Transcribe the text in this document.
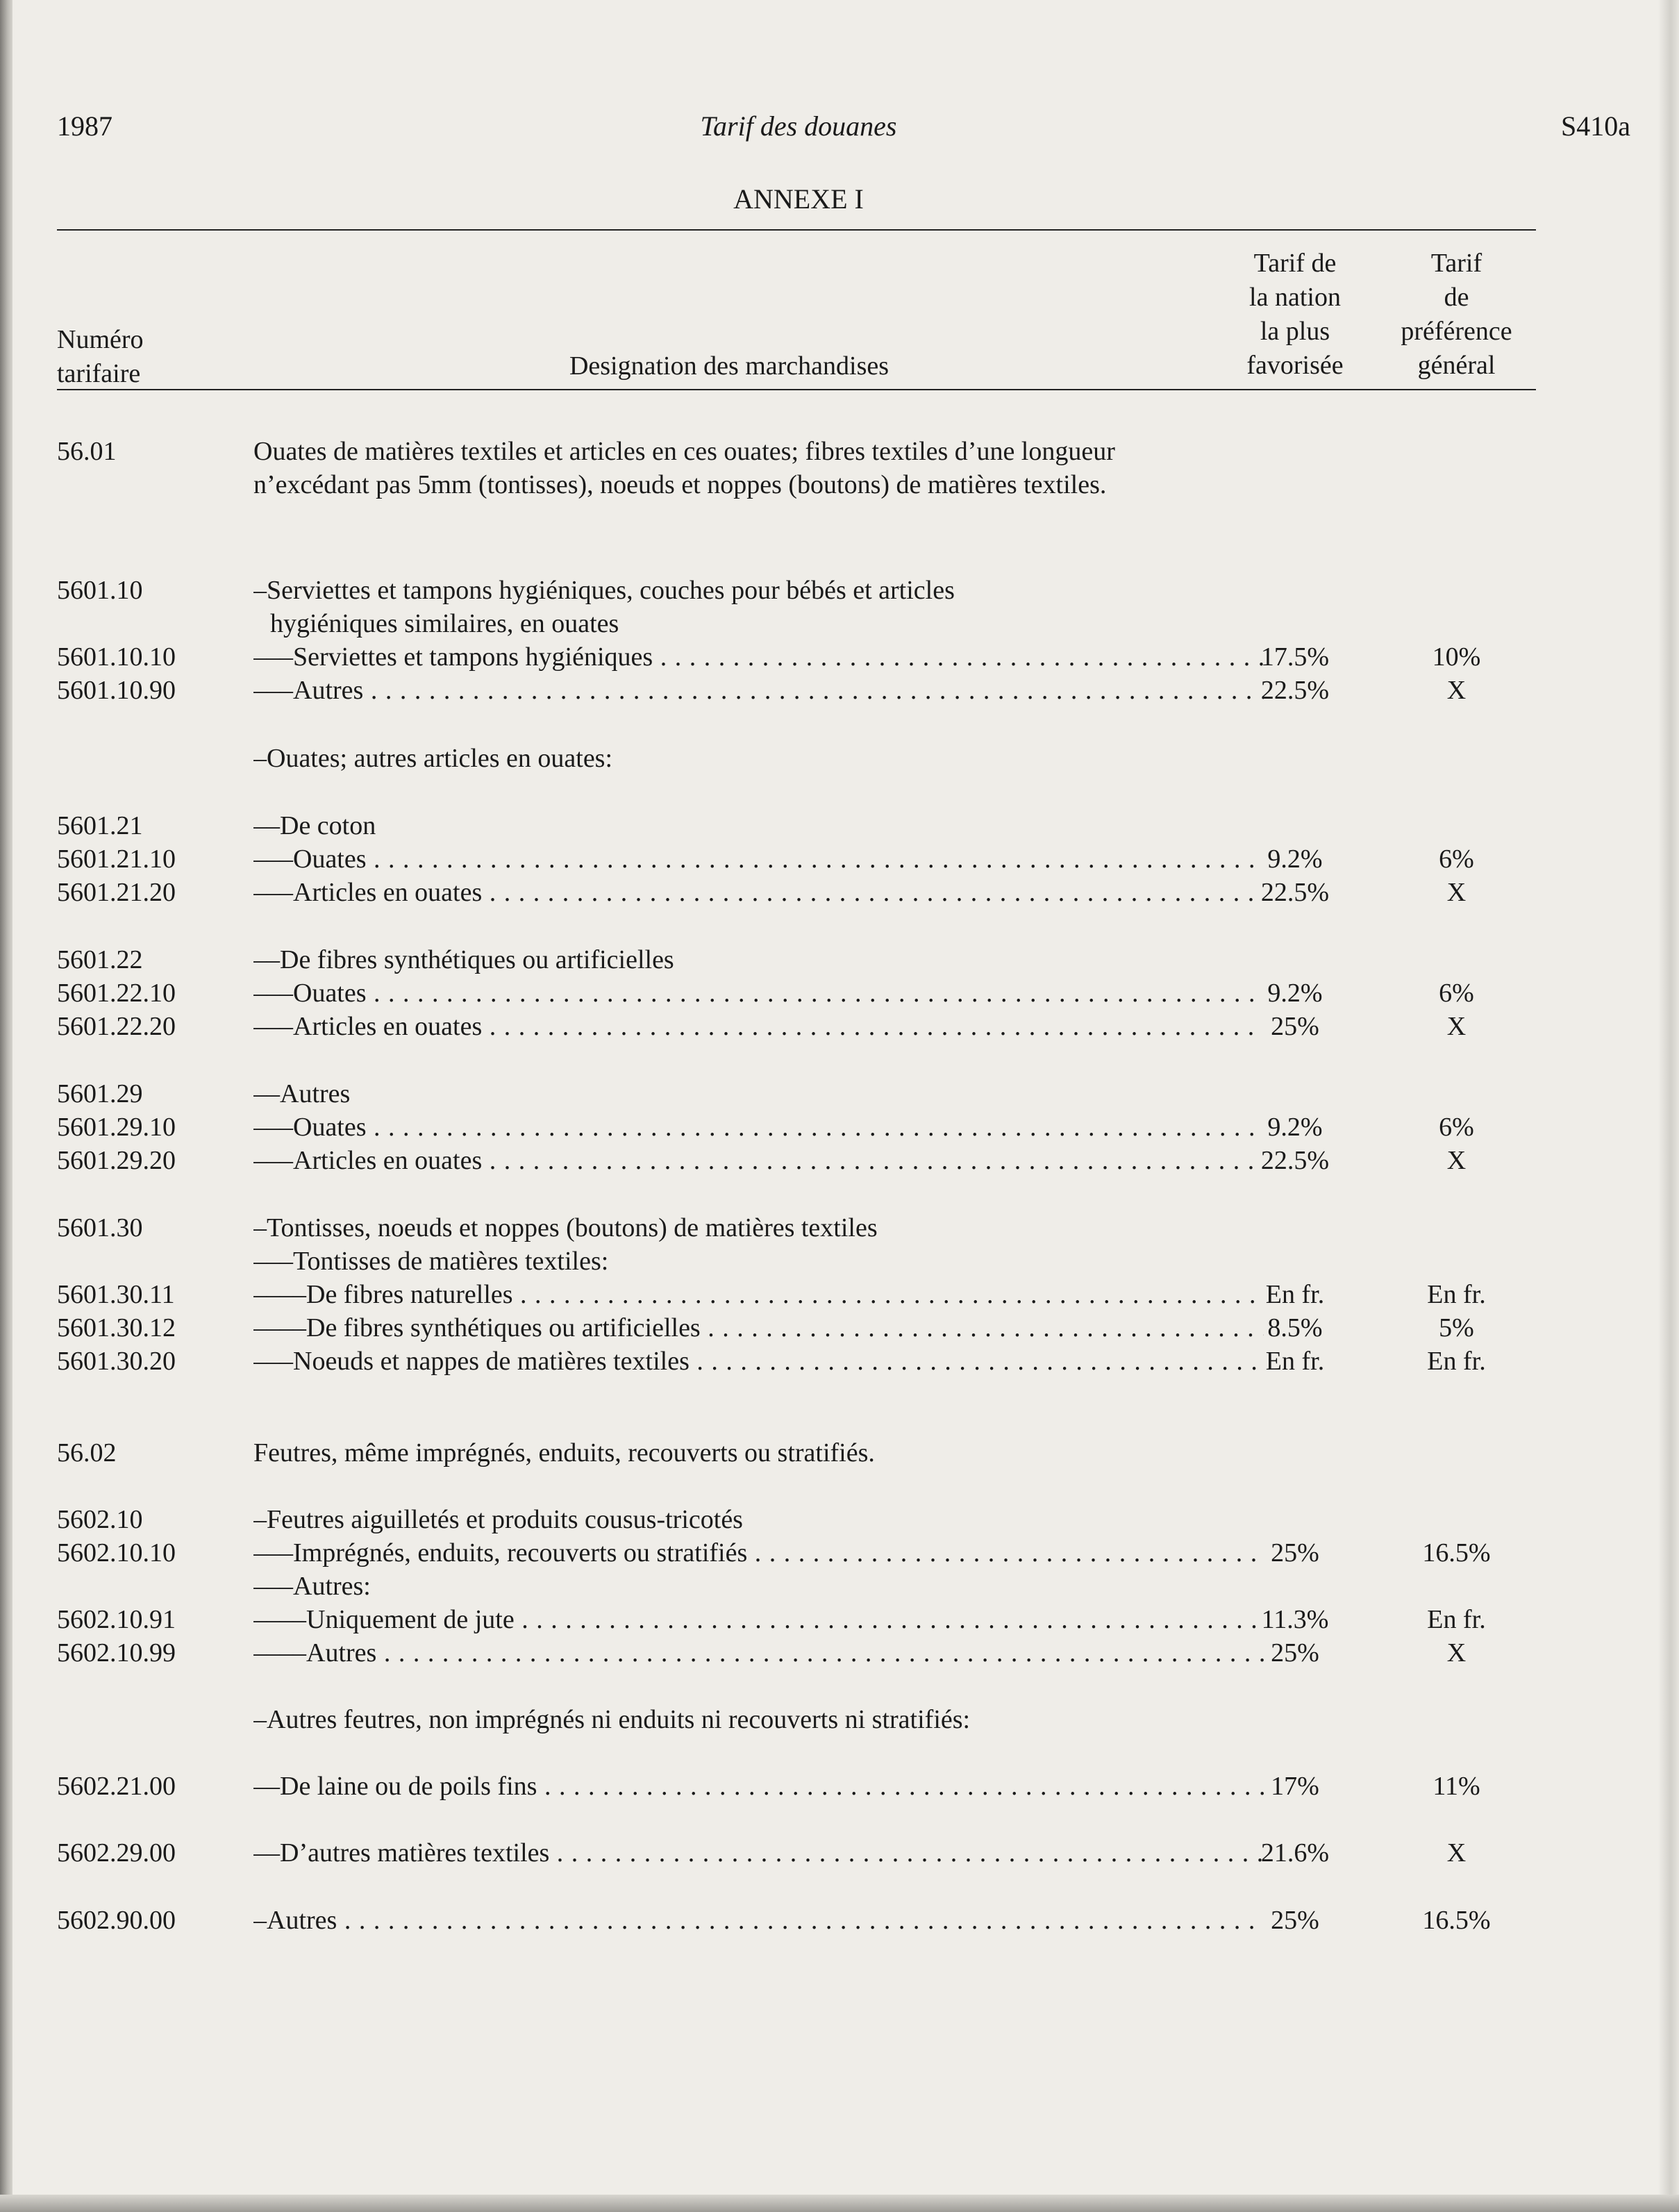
1987	Tarif des douanes	S410a
ANNEXE I
Numéro
tarifaire	Designation des marchandises
Tarif de
la nation
la plus
favorisée
Tarif
de
préférence
général
56.01	Ouates de matières textiles et articles en ces ouates; fibres textiles d’une longueur n’excédant pas 5mm (tontisses), noeuds et noppes (boutons) de matières textiles.
5601.10	–Serviettes et tampons hygiéniques, couches pour bébés et articles
hygiéniques similaires, en ouates
5601.10.10	–––Serviettes et tampons hygiéniques . . .	17.5%	10%
5601.10.90	–––Autres . . .	22.5%	X
–Ouates; autres articles en ouates:
5601.21	––De coton
5601.21.10	–––Ouates . . .	9.2%	6%
5601.21.20	–––Articles en ouates . . .	22.5%	X
5601.22	––De fibres synthétiques ou artificielles
5601.22.10	–––Ouates . . .	9.2%	6%
5601.22.20	–––Articles en ouates . . .	25%	X
5601.29	––Autres
5601.29.10	–––Ouates . . .	9.2%	6%
5601.29.20	–––Articles en ouates . . .	22.5%	X
5601.30	–Tontisses, noeuds et noppes (boutons) de matières textiles
–––Tontisses de matières textiles:
5601.30.11	––––De fibres naturelles . . .	En fr.	En fr.
5601.30.12	––––De fibres synthétiques ou artificielles . . .	8.5%	5%
5601.30.20	–––Noeuds et nappes de matières textiles . . .	En fr.	En fr.
56.02	Feutres, même imprégnés, enduits, recouverts ou stratifiés.
5602.10	–Feutres aiguilletés et produits cousus-tricotés
5602.10.10	–––Imprégnés, enduits, recouverts ou stratifiés . . .	25%	16.5%
–––Autres:
5602.10.91	––––Uniquement de jute . . .	11.3%	En fr.
5602.10.99	––––Autres . . .	25%	X
–Autres feutres, non imprégnés ni enduits ni recouverts ni stratifiés:
5602.21.00	––De laine ou de poils fins . . .	17%	11%
5602.29.00	––D’autres matières textiles . . .	21.6%	X
5602.90.00	–Autres . . .	25%	16.5%
